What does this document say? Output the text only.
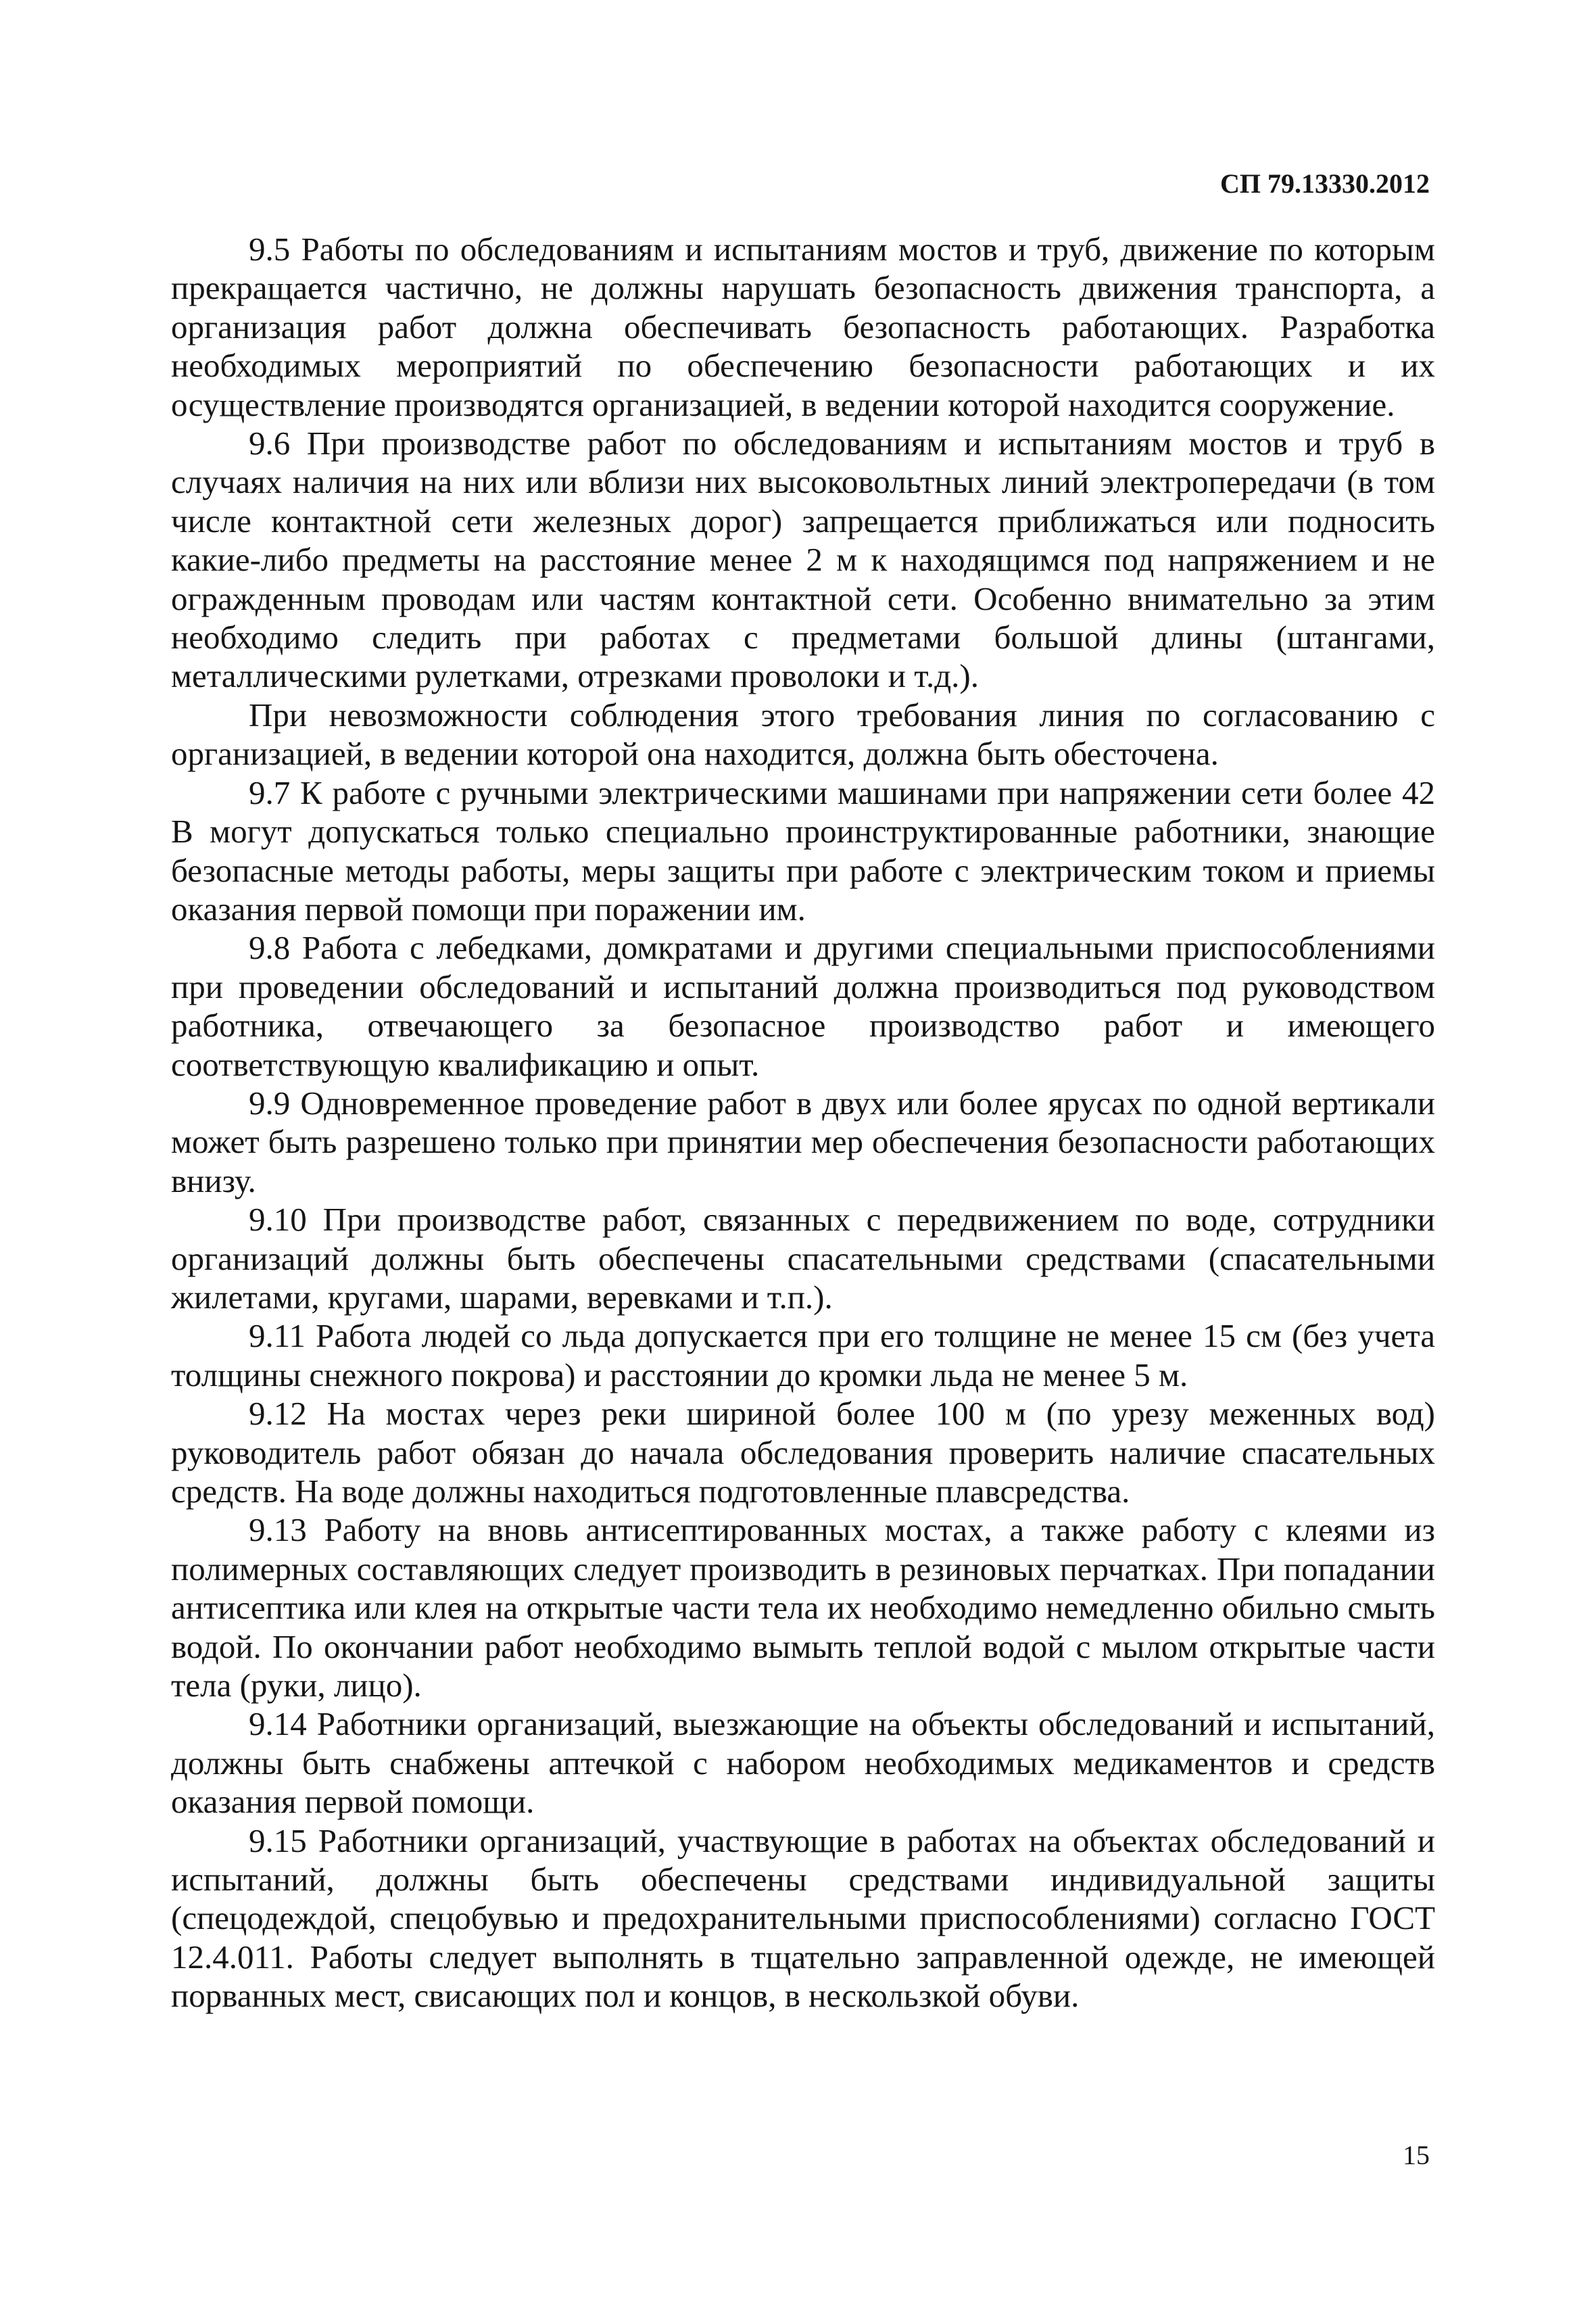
СП 79.13330.2012

9.5 Работы по обследованиям и испытаниям мостов и труб, движение по которым прекращается частично, не должны нарушать безопасность движения транспорта, а организация работ должна обеспечивать безопасность работающих. Разработка необходимых мероприятий по обеспечению безопасности работающих и их осуществление производятся организацией, в ведении которой находится сооружение.

9.6 При производстве работ по обследованиям и испытаниям мостов и труб в случаях наличия на них или вблизи них высоковольтных линий электропередачи (в том числе контактной сети железных дорог) запрещается приближаться или подносить какие-либо предметы на расстояние менее 2 м к находящимся под напряжением и не огражденным проводам или частям контактной сети. Особенно внимательно за этим необходимо следить при работах с предметами большой длины (штангами, металлическими рулетками, отрезками проволоки и т.д.).

При невозможности соблюдения этого требования линия по согласованию с организацией, в ведении которой она находится, должна быть обесточена.

9.7 К работе с ручными электрическими машинами при напряжении сети более 42 В могут допускаться только специально проинструктированные работники, знающие безопасные методы работы, меры защиты при работе с электрическим током и приемы оказания первой помощи при поражении им.

9.8 Работа с лебедками, домкратами и другими специальными приспособлениями при проведении обследований и испытаний должна производиться под руководством работника, отвечающего за безопасное производство работ и имеющего соответствующую квалификацию и опыт.

9.9 Одновременное проведение работ в двух или более ярусах по одной вертикали может быть разрешено только при принятии мер обеспечения безопасности работающих внизу.

9.10 При производстве работ, связанных с передвижением по воде, сотрудники организаций должны быть обеспечены спасательными средствами (спасательными жилетами, кругами, шарами, веревками и т.п.).

9.11 Работа людей со льда допускается при его толщине не менее 15 см (без учета толщины снежного покрова) и расстоянии до кромки льда не менее 5 м.

9.12 На мостах через реки шириной более 100 м (по урезу меженных вод) руководитель работ обязан до начала обследования проверить наличие спасательных средств. На воде должны находиться подготовленные плавсредства.

9.13 Работу на вновь антисептированных мостах, а также работу с клеями из полимерных составляющих следует производить в резиновых перчатках. При попадании антисептика или клея на открытые части тела их необходимо немедленно обильно смыть водой. По окончании работ необходимо вымыть теплой водой с мылом открытые части тела (руки, лицо).

9.14 Работники организаций, выезжающие на объекты обследований и испытаний, должны быть снабжены аптечкой с набором необходимых медикаментов и средств оказания первой помощи.

9.15 Работники организаций, участвующие в работах на объектах обследований и испытаний, должны быть обеспечены средствами индивидуальной защиты (спецодеждой, спецобувью и предохранительными приспособлениями) согласно ГОСТ 12.4.011. Работы следует выполнять в тщательно заправленной одежде, не имеющей порванных мест, свисающих пол и концов, в нескользкой обуви.

15
